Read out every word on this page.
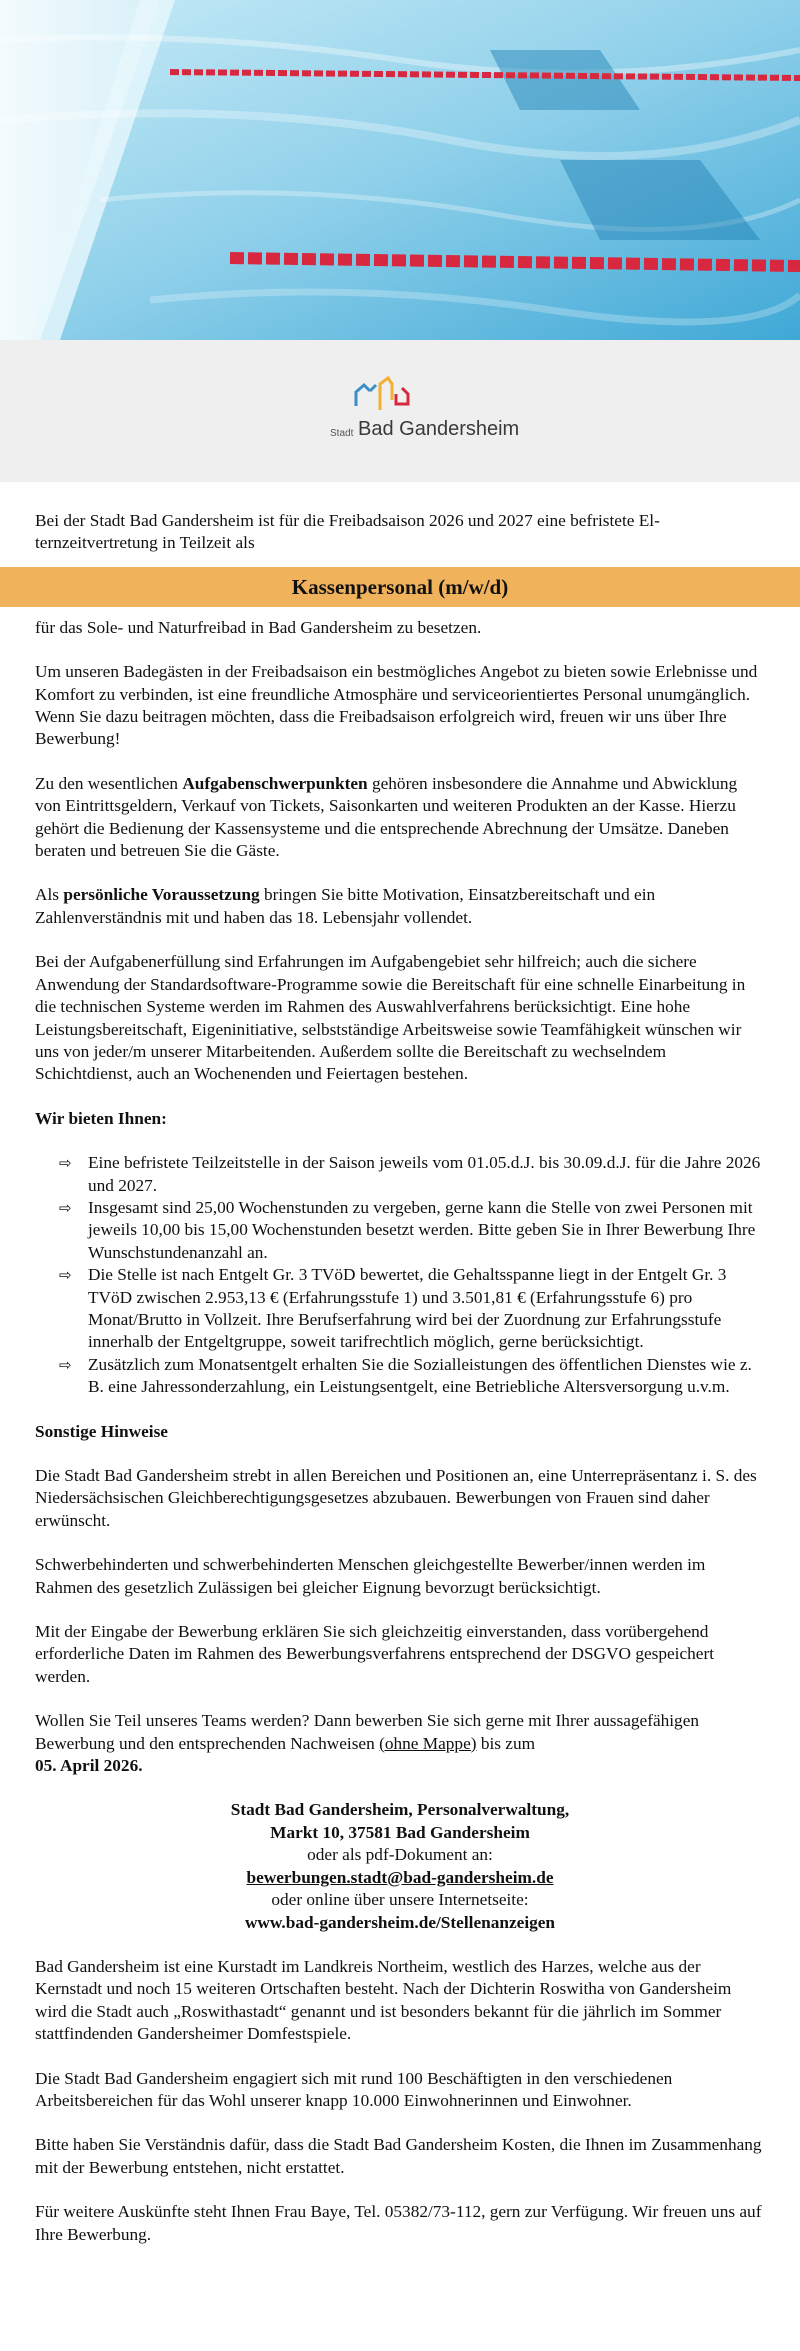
Stadt Bad Gandersheim

Bei der Stadt Bad Gandersheim ist für die Freibadsaison 2026 und 2027 eine befristete Elternzeitvertretung in Teilzeit als

Kassenpersonal (m/w/d)

für das Sole- und Naturfreibad in Bad Gandersheim zu besetzen.

Um unseren Badegästen in der Freibadsaison ein bestmögliches Angebot zu bieten sowie Erlebnisse und Komfort zu verbinden, ist eine freundliche Atmosphäre und serviceorientiertes Personal unumgänglich. Wenn Sie dazu beitragen möchten, dass die Freibadsaison erfolgreich wird, freuen wir uns über Ihre Bewerbung!

Zu den wesentlichen Aufgabenschwerpunkten gehören insbesondere die Annahme und Abwicklung von Eintrittsgeldern, Verkauf von Tickets, Saisonkarten und weiteren Produkten an der Kasse. Hierzu gehört die Bedienung der Kassensysteme und die entsprechende Abrechnung der Umsätze. Daneben beraten und betreuen Sie die Gäste.

Als persönliche Voraussetzung bringen Sie bitte Motivation, Einsatzbereitschaft und ein Zahlenverständnis mit und haben das 18. Lebensjahr vollendet.

Bei der Aufgabenerfüllung sind Erfahrungen im Aufgabengebiet sehr hilfreich; auch die sichere Anwendung der Standardsoftware-Programme sowie die Bereitschaft für eine schnelle Einarbeitung in die technischen Systeme werden im Rahmen des Auswahlverfahrens berücksichtigt. Eine hohe Leistungsbereitschaft, Eigeninitiative, selbstständige Arbeitsweise sowie Teamfähigkeit wünschen wir uns von jeder/m unserer Mitarbeitenden. Außerdem sollte die Bereitschaft zu wechselndem Schichtdienst, auch an Wochenenden und Feiertagen bestehen.

Wir bieten Ihnen:
⇨ Eine befristete Teilzeitstelle in der Saison jeweils vom 01.05.d.J. bis 30.09.d.J. für die Jahre 2026 und 2027.
⇨ Insgesamt sind 25,00 Wochenstunden zu vergeben, gerne kann die Stelle von zwei Personen mit jeweils 10,00 bis 15,00 Wochenstunden besetzt werden. Bitte geben Sie in Ihrer Bewerbung Ihre Wunschstundenanzahl an.
⇨ Die Stelle ist nach Entgelt Gr. 3 TVöD bewertet, die Gehaltsspanne liegt in der Entgelt Gr. 3 TVöD zwischen 2.953,13 € (Erfahrungsstufe 1) und 3.501,81 € (Erfahrungsstufe 6) pro Monat/Brutto in Vollzeit. Ihre Berufserfahrung wird bei der Zuordnung zur Erfahrungsstufe innerhalb der Entgeltgruppe, soweit tarifrechtlich möglich, gerne berücksichtigt.
⇨ Zusätzlich zum Monatsentgelt erhalten Sie die Sozialleistungen des öffentlichen Dienstes wie z. B. eine Jahressonderzahlung, ein Leistungsentgelt, eine Betriebliche Altersversorgung u.v.m.
Sonstige Hinweise

Die Stadt Bad Gandersheim strebt in allen Bereichen und Positionen an, eine Unterrepräsentanz i. S. des Niedersächsischen Gleichberechtigungsgesetzes abzubauen. Bewerbungen von Frauen sind daher erwünscht.

Schwerbehinderten und schwerbehinderten Menschen gleichgestellte Bewerber/innen werden im Rahmen des gesetzlich Zulässigen bei gleicher Eignung bevorzugt berücksichtigt.

Mit der Eingabe der Bewerbung erklären Sie sich gleichzeitig einverstanden, dass vorübergehend erforderliche Daten im Rahmen des Bewerbungsverfahrens entsprechend der DSGVO gespeichert werden.

Wollen Sie Teil unseres Teams werden? Dann bewerben Sie sich gerne mit Ihrer aussagefähigen Bewerbung und den entsprechenden Nachweisen (ohne Mappe) bis zum
05. April 2026.

Stadt Bad Gandersheim, Personalverwaltung,
Markt 10, 37581 Bad Gandersheim
oder als pdf-Dokument an:
bewerbungen.stadt@bad-gandersheim.de
oder online über unsere Internetseite:
www.bad-gandersheim.de/Stellenanzeigen

Bad Gandersheim ist eine Kurstadt im Landkreis Northeim, westlich des Harzes, welche aus der Kernstadt und noch 15 weiteren Ortschaften besteht. Nach der Dichterin Roswitha von Gandersheim wird die Stadt auch „Roswithastadt“ genannt und ist besonders bekannt für die jährlich im Sommer stattfindenden Gandersheimer Domfestspiele.

Die Stadt Bad Gandersheim engagiert sich mit rund 100 Beschäftigten in den verschiedenen Arbeitsbereichen für das Wohl unserer knapp 10.000 Einwohnerinnen und Einwohner.

Bitte haben Sie Verständnis dafür, dass die Stadt Bad Gandersheim Kosten, die Ihnen im Zusammenhang mit der Bewerbung entstehen, nicht erstattet.

Für weitere Auskünfte steht Ihnen Frau Baye, Tel. 05382/73-112, gern zur Verfügung. Wir freuen uns auf Ihre Bewerbung.
